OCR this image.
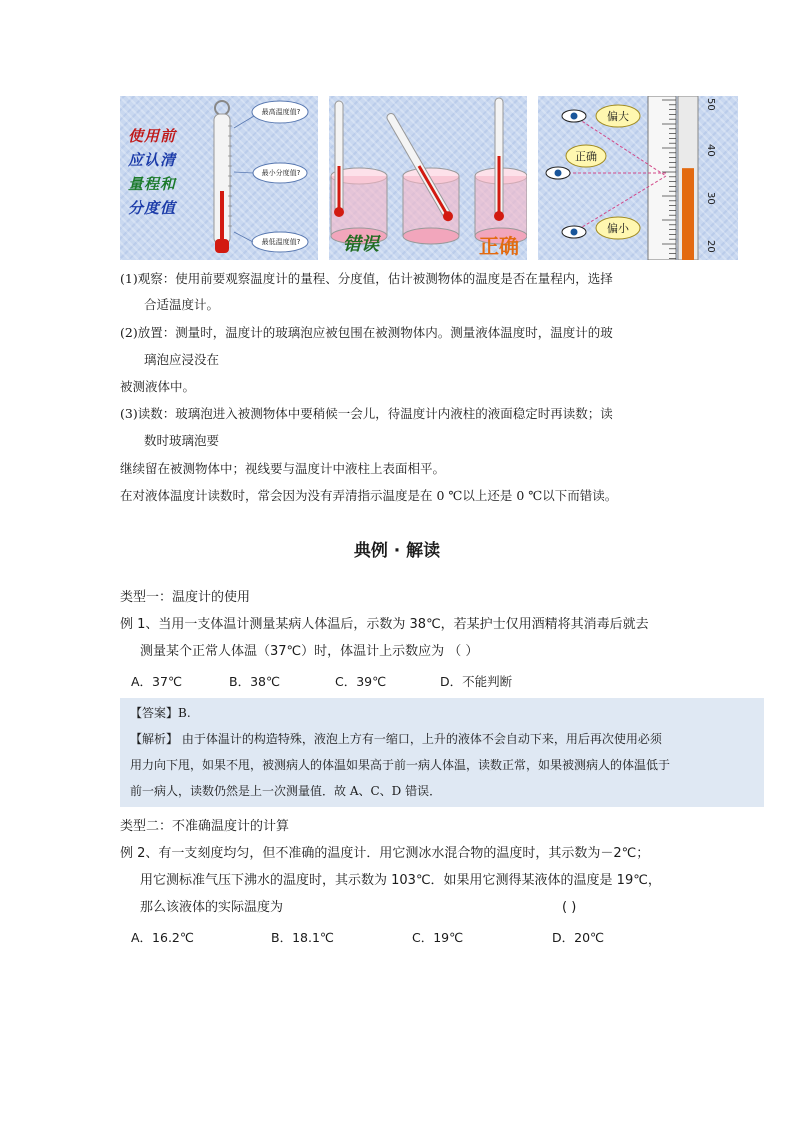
使用前
应认清
量程和
分度值
最高温度值?
最小分度值?
最低温度值?	错误	正确
偏大
正确
偏小
50
40
30
20
(1)观察：使用前要观察温度计的量程、分度值，估计被测物体的温度是否在量程内，选择
合适温度计。
(2)放置：测量时，温度计的玻璃泡应被包围在被测物体内。测量液体温度时，温度计的玻
璃泡应浸没在
被测液体中。
(3)读数：玻璃泡进入被测物体中要稍候一会儿，待温度计内液柱的液面稳定时再读数；读
数时玻璃泡要
继续留在被测物体中；视线要与温度计中液柱上表面相平。
在对液体温度计读数时，常会因为没有弄清指示温度是在 0 ℃以上还是 0 ℃以下而错读。
典例 · 解读
类型一：温度计的使用
例 1、当用一支体温计测量某病人体温后，示数为 38℃，若某护士仅用酒精将其消毒后就去
测量某个正常人体温（37℃）时，体温计上示数应为 （ ）
A．37℃	B．38℃	C．39℃	D．不能判断
【答案】B.
【解析】 由于体温计的构造特殊，液泡上方有一缩口，上升的液体不会自动下来，用后再次使用必须
用力向下甩，如果不甩，被测病人的体温如果高于前一病人体温，读数正常，如果被测病人的体温低于
前一病人，读数仍然是上一次测量值．故 A、C、D 错误．
类型二：不准确温度计的计算
例 2、有一支刻度均匀，但不准确的温度计．用它测冰水混合物的温度时，其示数为－2℃；
用它测标准气压下沸水的温度时，其示数为 103℃．如果用它测得某液体的温度是 19℃，
那么该液体的实际温度为	( )
A．16.2℃	B．18.1℃	C．19℃	D．20℃
